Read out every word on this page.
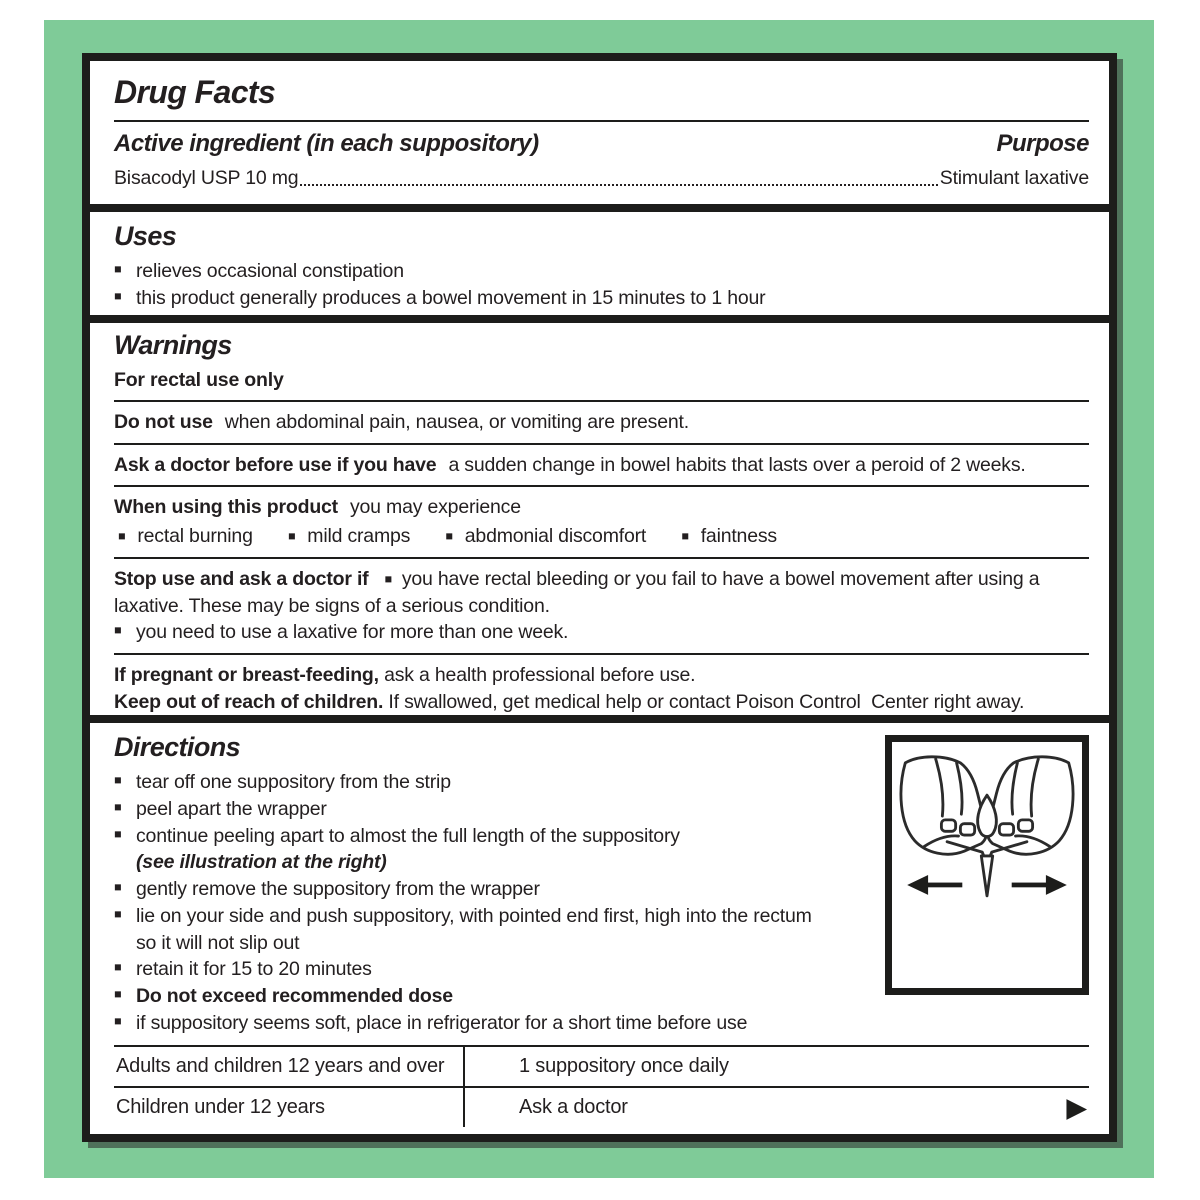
Drug Facts
Active ingredient (in each suppository)	Purpose
Bisacodyl USP 10 mg	Stimulant laxative
Uses
■ relieves occasional constipation
■ this product generally produces a bowel movement in 15 minutes to 1 hour
Warnings
For rectal use only
Do not use when abdominal pain, nausea, or vomiting are present.
Ask a doctor before use if you have a sudden change in bowel habits that lasts over a peroid of 2 weeks.
When using this product you may experience
■ rectal burning	■ mild cramps	■ abdmonial discomfort	■ faintness
Stop use and ask a doctor if ■ you have rectal bleeding or you fail to have a bowel movement after using a laxative. These may be signs of a serious condition.
■ you need to use a laxative for more than one week.
If pregnant or breast-feeding, ask a health professional before use.
Keep out of reach of children. If swallowed, get medical help or contact Poison Control  Center right away.
Directions
■ tear off one suppository from the strip
■ peel apart the wrapper
■ continue peeling apart to almost the full length of the suppository
(see illustration at the right)
■ gently remove the suppository from the wrapper
■ lie on your side and push suppository, with pointed end first, high into the rectum
so it will not slip out
■ retain it for 15 to 20 minutes
■ Do not exceed recommended dose
■ if suppository seems soft, place in refrigerator for a short time before use
Adults and children 12 years and over	1 suppository once daily
Children under 12 years	Ask a doctor	▶
